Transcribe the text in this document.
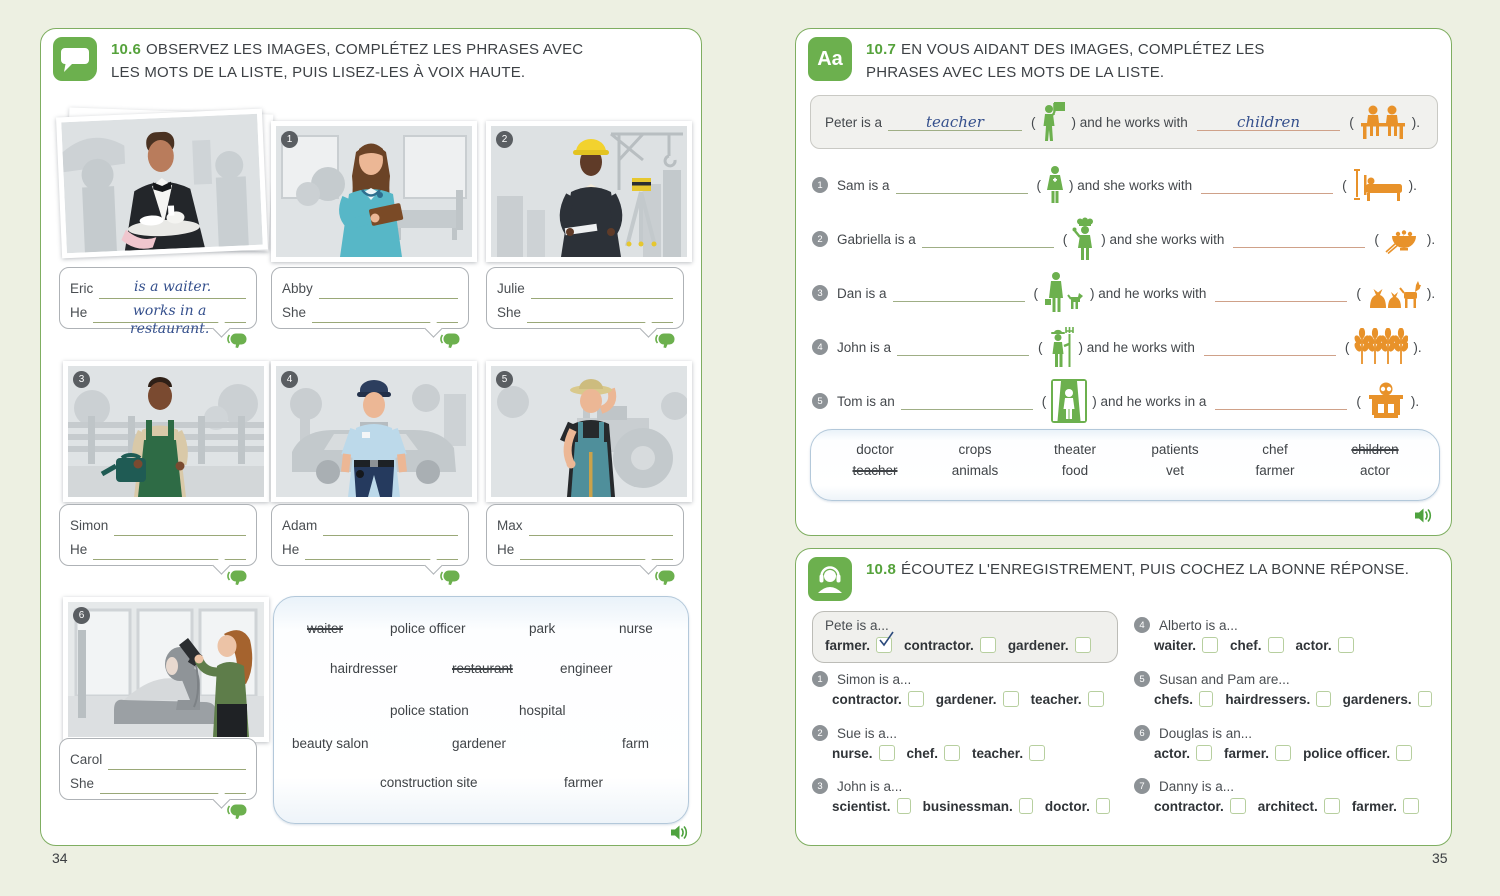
10.6 OBSERVEZ LES IMAGES, COMPLÉTEZ LES PHRASES AVEC LES MOTS DE LA LISTE, PUIS LISEZ-LES À VOIX HAUTE.
1	2
Eric	is a waiter.
He	works in a restaurant.
Abby
She
Julie
She
3	4	5
Simon
He
Adam
He
Max
He
6
Carol
She
waiter	police officer	park	nurse
hairdresser	restaurant	engineer
police station	hospital
beauty salon	gardener	farm
construction site	farmer
Aa 10.7 EN VOUS AIDANT DES IMAGES, COMPLÉTEZ LES PHRASES AVEC LES MOTS DE LA LISTE.
Peter is a	teacher	(	) and he works with	children	(	).
1	Sam is a	( ) and she works with	(	).
2	Gabriella is a	(	) and she works with	(	).
3	Dan is a	(	) and he works with	(	).
4	John is a	(	) and he works with	(	).
5	Tom is an	(	) and he works in a	(	).
doctor	crops	theater	patients	chef	children
teacher	animals	food	vet	farmer	actor
10.8 ÉCOUTEZ L'ENREGISTREMENT, PUIS COCHEZ LA BONNE RÉPONSE.
Pete is a...
farmer.	contractor.	gardener.
1	Simon is a...
contractor.	gardener.	teacher.
2	Sue is a...
nurse.	chef.	teacher.
3	John is a...
scientist. businessman. doctor.
4	Alberto is a...
waiter.	chef.	actor.
5	Susan and Pam are...
chefs. hairdressers. gardeners.
6	Douglas is an...
actor.	farmer.	police officer.
7	Danny is a...
contractor.	architect.	farmer.
34	35
